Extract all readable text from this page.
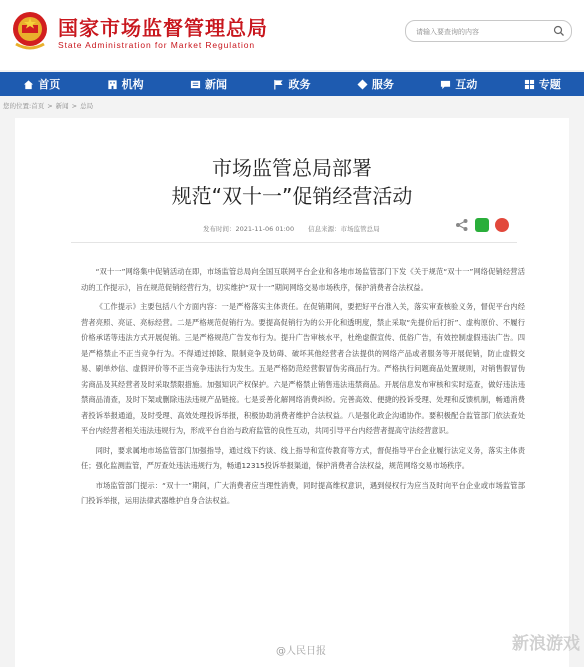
国家市场监督管理总局
State Administration for Market Regulation
请输入要查询的内容
首页	机构	新闻	政务	服务	互动	专题
您的位置:首页 > 新闻 > 总局
市场监管总局部署
规范“双十一”促销经营活动
发布时间：2021-11-06 01:00 信息来源：市场监管总局

“双十一”网络集中促销活动在即，市场监管总局向全国互联网平台企业和各地市场监管部门下发《关于规范“双十一”网络促销经营活动的工作提示》，旨在规范促销经营行为，切实维护“双十一”期间网络交易市场秩序，保护消费者合法权益。

《工作提示》主要包括八个方面内容：一是严格落实主体责任。在促销期间，要把好平台准入关，落实审查核验义务，督促平台内经营者亮照、亮证、亮标经营。二是严格规范促销行为。要提高促销行为的公开化和透明度，禁止采取“先提价后打折”、虚构原价、不履行价格承诺等违法方式开展促销。三是严格规范广告发布行为。提升广告审核水平，杜绝虚假宣传、低俗广告，有效控制虚假违法广告。四是严格禁止不正当竞争行为。不得通过掉除、限制竞争及妨碍、破坏其他经营者合法提供的网络产品或者服务等开展促销，防止虚假交易、刷单炒信、虚假评价等不正当竞争违法行为发生。五是严格防范经营假冒伪劣商品行为。严格执行问题商品处置规则，对销售假冒伪劣商品及其经营者及时采取禁限措施。加强知识产权保护。六是严格禁止销售违法违禁商品。开展信息发布审核和实时巡查，做好违法违禁商品清查，及时下架或删除违法违规产品链接。七是妥善化解网络消费纠纷。完善高效、便捷的投诉受理、处理和反馈机制，畅通消费者投诉举报通道，及时受理、高效处理投诉举报，积极协助消费者维护合法权益。八是强化政企沟通协作。要积极配合监管部门依法查处平台内经营者相关违法违规行为，形成平台自治与政府监管的良性互动，共同引导平台内经营者提高守法经营意识。

同时，要求属地市场监管部门加强指导，通过线下约谈、线上指导和宣传教育等方式，督促指导平台企业履行法定义务，落实主体责任；强化监测监管，严厉查处违法违规行为，畅通12315投诉举报渠道，保护消费者合法权益，规范网络交易市场秩序。

市场监管部门提示：“双十一”期间，广大消费者应当理性消费，同时提高维权意识，遇到侵权行为应当及时向平台企业或市场监管部门投诉举报，运用法律武器维护自身合法权益。

@人民日报	新浪游戏
